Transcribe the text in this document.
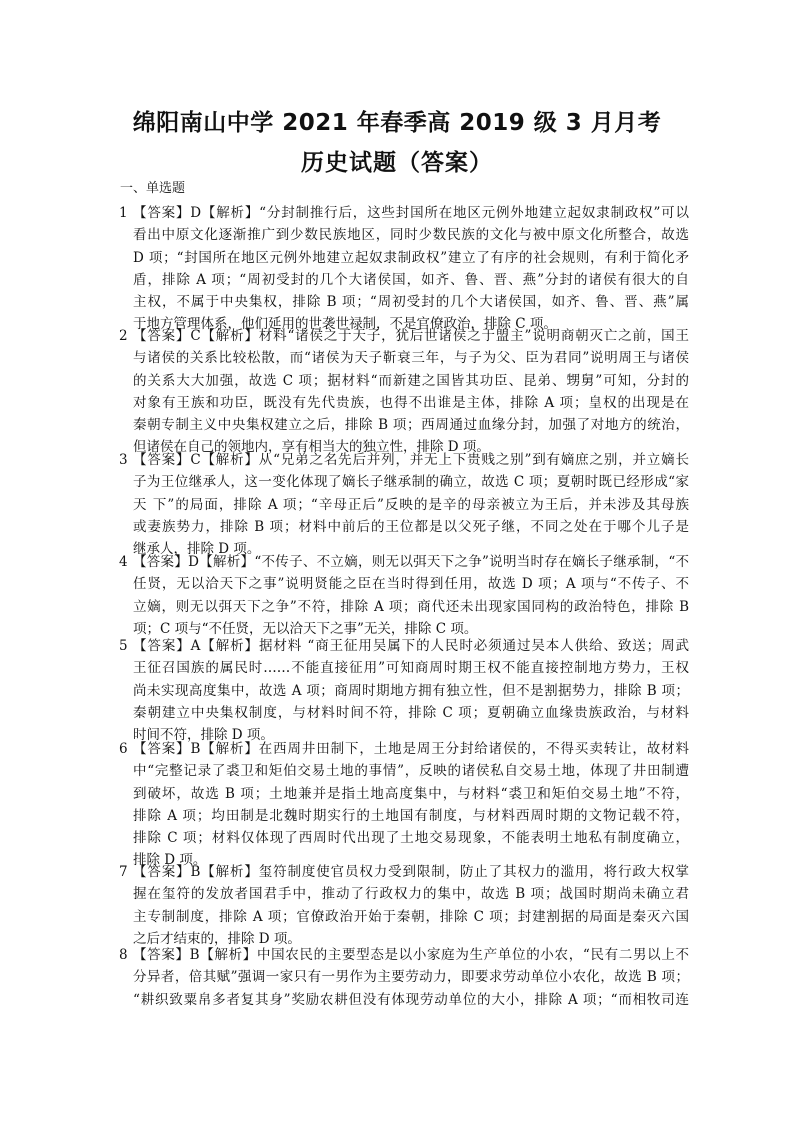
绵阳南山中学 2021 年春季高 2019 级 3 月月考
历史试题（答案）
一、单选题
1 【答案】D【解析】“分封制推行后，这些封国所在地区元例外地建立起奴隶制政权”可以
看出中原文化逐渐推广到少数民族地区，同时少数民族的文化与被中原文化所整合，故选
D 项；“封国所在地区元例外地建立起奴隶制政权”建立了有序的社会规则，有利于简化矛
盾，排除 A 项；“周初受封的几个大诸侯国，如齐、鲁、晋、燕”分封的诸侯有很大的自
主权，不属于中央集权，排除 B 项；“周初受封的几个大诸侯国，如齐、鲁、晋、燕”属
于地方管理体系，他们延用的世袭世禄制，不是官僚政治，排除 C 项。
2 【答案】C【解析】材料“诸侯之于天子，犹后世诸侯之于盟主”说明商朝灭亡之前，国王
与诸侯的关系比较松散，而“诸侯为天子靳衰三年，与子为父、臣为君同”说明周王与诸侯
的关系大大加强，故选 C 项；据材料“而新建之国皆其功臣、昆弟、甥舅”可知，分封的
对象有王族和功臣，既没有先代贵族，也得不出谁是主体，排除 A 项；皇权的出现是在
秦朝专制主义中央集权建立之后，排除 B 项；西周通过血缘分封，加强了对地方的统治，
但诸侯在自己的领地内，享有相当大的独立性，排除 D 项。
3 【答案】C【解析】从“兄弟之名先后并列，并无上下贵贱之别”到有嫡庶之别，并立嫡长
子为王位继承人，这一变化体现了嫡长子继承制的确立，故选 C 项；夏朝时既已经形成“家
天 下”的局面，排除 A 项；“辛母正后”反映的是辛的母亲被立为王后，并未涉及其母族
或妻族势力，排除 B 项；材料中前后的王位都是以父死子继，不同之处在于哪个儿子是
继承人，排除 D 项。
4 【答案】D【解析】“不传子、不立嫡，则无以弭天下之争”说明当时存在嫡长子继承制，“不
任贤，无以洽天下之事”说明贤能之臣在当时得到任用，故选 D 项；A 项与“不传子、不
立嫡，则无以弭天下之争”不符，排除 A 项；商代还未出现家国同构的政治特色，排除 B
项；C 项与“不任贤，无以洽天下之事”无关，排除 C 项。
5 【答案】A【解析】据材料 “商王征用吴属下的人民时必须通过吴本人供给、致送；周武
王征召国族的属民时……不能直接征用”可知商周时期王权不能直接控制地方势力，王权
尚未实现高度集中，故选 A 项；商周时期地方拥有独立性，但不是割据势力，排除 B 项；
秦朝建立中央集权制度，与材料时间不符，排除 C 项；夏朝确立血缘贵族政治，与材料
时间不符，排除 D 项。
6 【答案】B【解析】在西周井田制下，土地是周王分封给诸侯的，不得买卖转让，故材料
中“完整记录了裘卫和矩伯交易土地的事情”，反映的诸侯私自交易土地，体现了井田制遭
到破坏，故选 B 项；土地兼并是指土地高度集中，与材料“裘卫和矩伯交易土地”不符，
排除 A 项；均田制是北魏时期实行的土地国有制度，与材料西周时期的文物记载不符，
排除 C 项；材料仅体现了西周时代出现了土地交易现象，不能表明土地私有制度确立，
排除 D 项。
7 【答案】B【解析】玺符制度使官员权力受到限制，防止了其权力的滥用，将行政大权掌
握在玺符的发放者国君手中，推动了行政权力的集中，故选 B 项；战国时期尚未确立君
主专制制度，排除 A 项；官僚政治开始于秦朝，排除 C 项；封建割据的局面是秦灭六国
之后才结束的，排除 D 项。
8 【答案】B【解析】中国农民的主要型态是以小家庭为生产单位的小农，“民有二男以上不
分异者，倍其赋”强调一家只有一男作为主要劳动力，即要求劳动单位小农化，故选 B 项；
“耕织致粟帛多者复其身”奖励农耕但没有体现劳动单位的大小，排除 A 项；“而相牧司连
